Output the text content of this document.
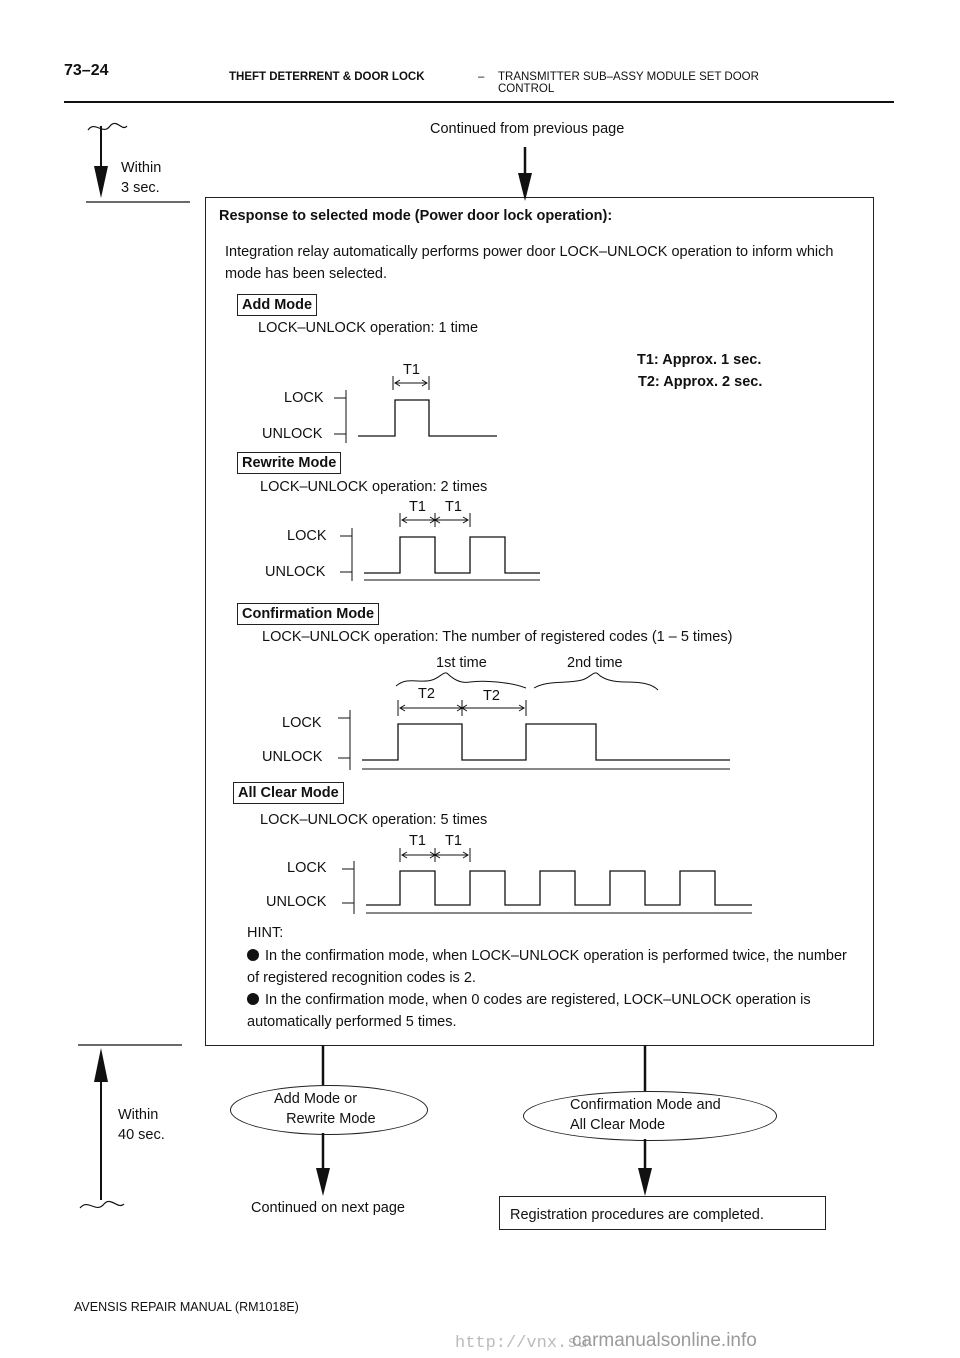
73–24	THEFT DETERRENT & DOOR LOCK	– TRANSMITTER SUB–ASSY MODULE SET DOOR CONTROL
Continued from previous page
Within
3 sec.
Response to selected mode (Power door lock operation):
Integration relay automatically performs power door LOCK–UNLOCK operation to inform which mode has been selected.
T1: Approx. 1 sec.
T2: Approx. 2 sec.
Add Mode
LOCK–UNLOCK operation: 1 time
Rewrite Mode
LOCK–UNLOCK operation: 2 times
Confirmation Mode
LOCK–UNLOCK operation: The number of registered codes (1 – 5 times)
All Clear Mode
LOCK–UNLOCK operation: 5 times
LOCK
UNLOCK
LOCK
UNLOCK
LOCK
UNLOCK
LOCK
UNLOCK
T1
T1 T1
1st time	2nd time
T2	T2
T1 T1
HINT:
In the confirmation mode, when LOCK–UNLOCK operation is performed twice, the number of registered recognition codes is 2.
In the confirmation mode, when 0 codes are registered, LOCK–UNLOCK operation is automatically performed 5 times.
Within
40 sec.
Add Mode or
Rewrite Mode
Confirmation Mode and
All Clear Mode
Continued on next page	Registration procedures are completed.
AVENSIS REPAIR MANUAL (RM1018E)
http://vnx.su
carmanualsonline.info
